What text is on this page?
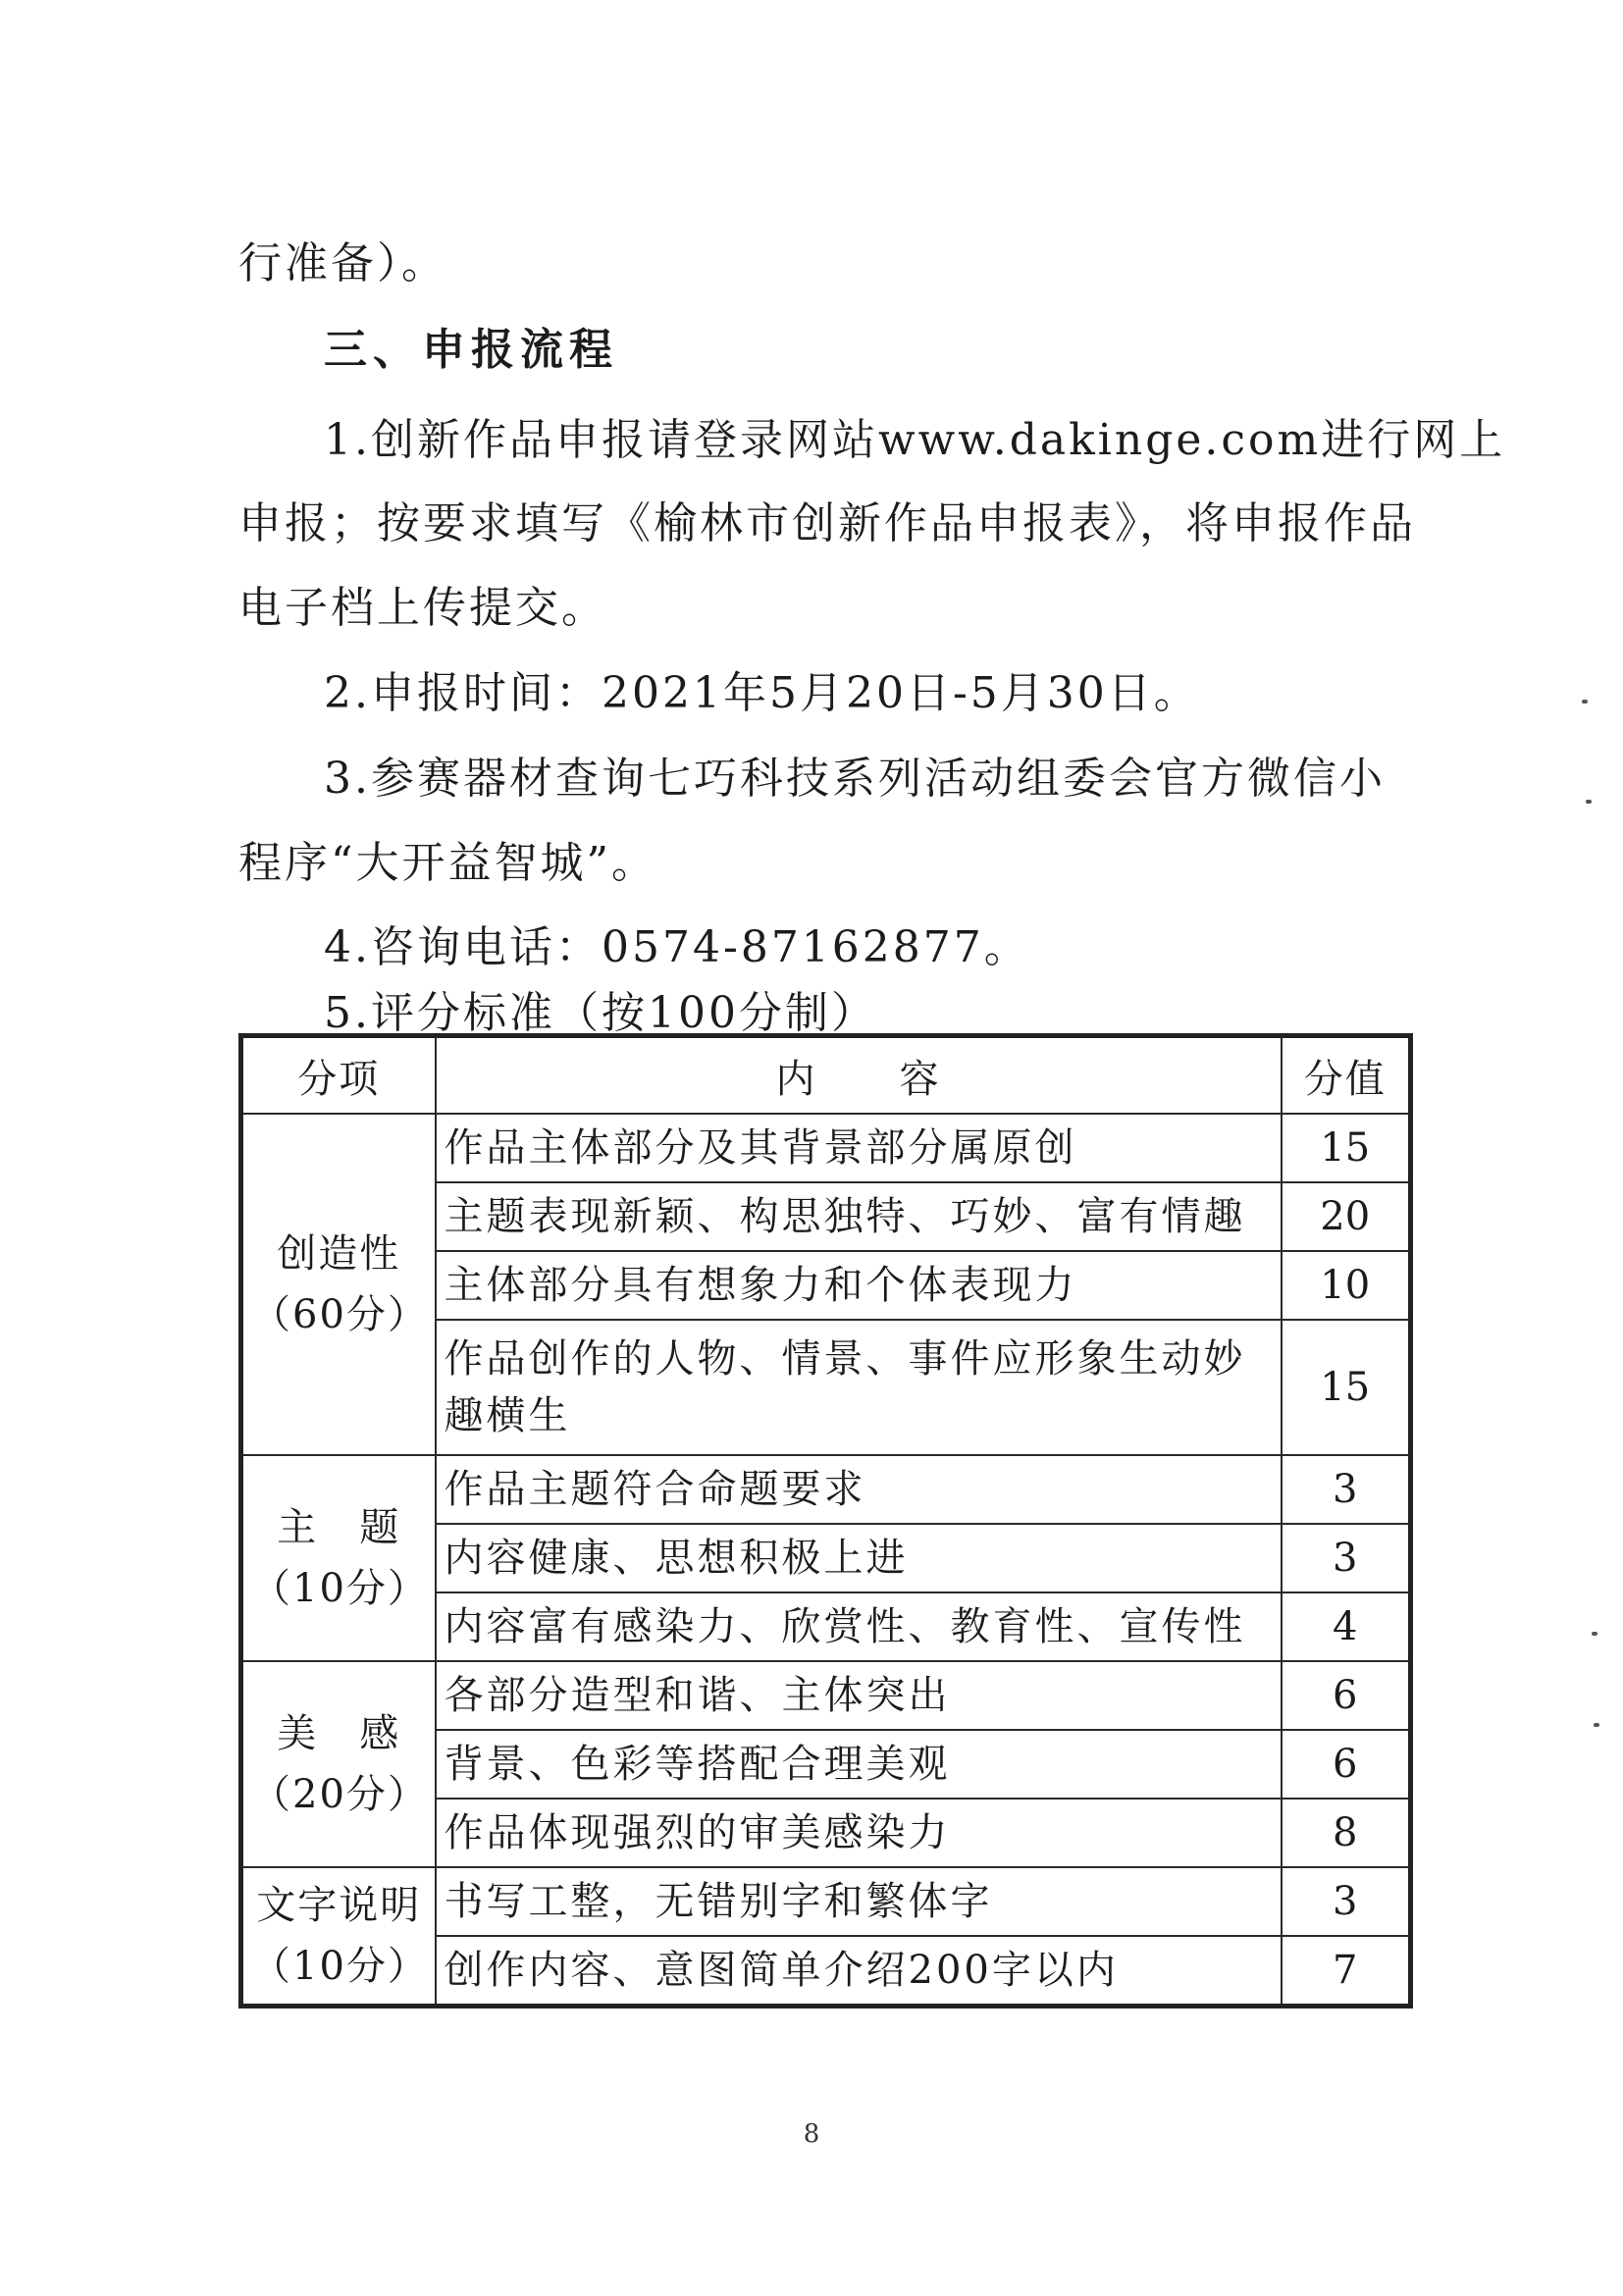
行准备）。
三、申报流程
1.创新作品申报请登录网站www.dakinge.com进行网上
申报；按要求填写《榆林市创新作品申报表》，将申报作品
电子档上传提交。
2.申报时间：2021年5月20日-5月30日。
3.参赛器材查询七巧科技系列活动组委会官方微信小
程序“大开益智城”。
4.咨询电话：0574-87162877。
5.评分标准（按100分制）
分项	内　　容	分值

创造性
（60分）	作品主体部分及其背景部分属原创	15
	主题表现新颖、构思独特、巧妙、富有情趣	20
	主体部分具有想象力和个体表现力	10
	作品创作的人物、情景、事件应形象生动妙趣横生	15

主　题
（10分）	作品主题符合命题要求	3
	内容健康、思想积极上进	3
	内容富有感染力、欣赏性、教育性、宣传性	4

美　感
（20分）	各部分造型和谐、主体突出	6
	背景、色彩等搭配合理美观	6
	作品体现强烈的审美感染力	8

文字说明
（10分）	书写工整，无错别字和繁体字	3
	创作内容、意图简单介绍200字以内	7
8
